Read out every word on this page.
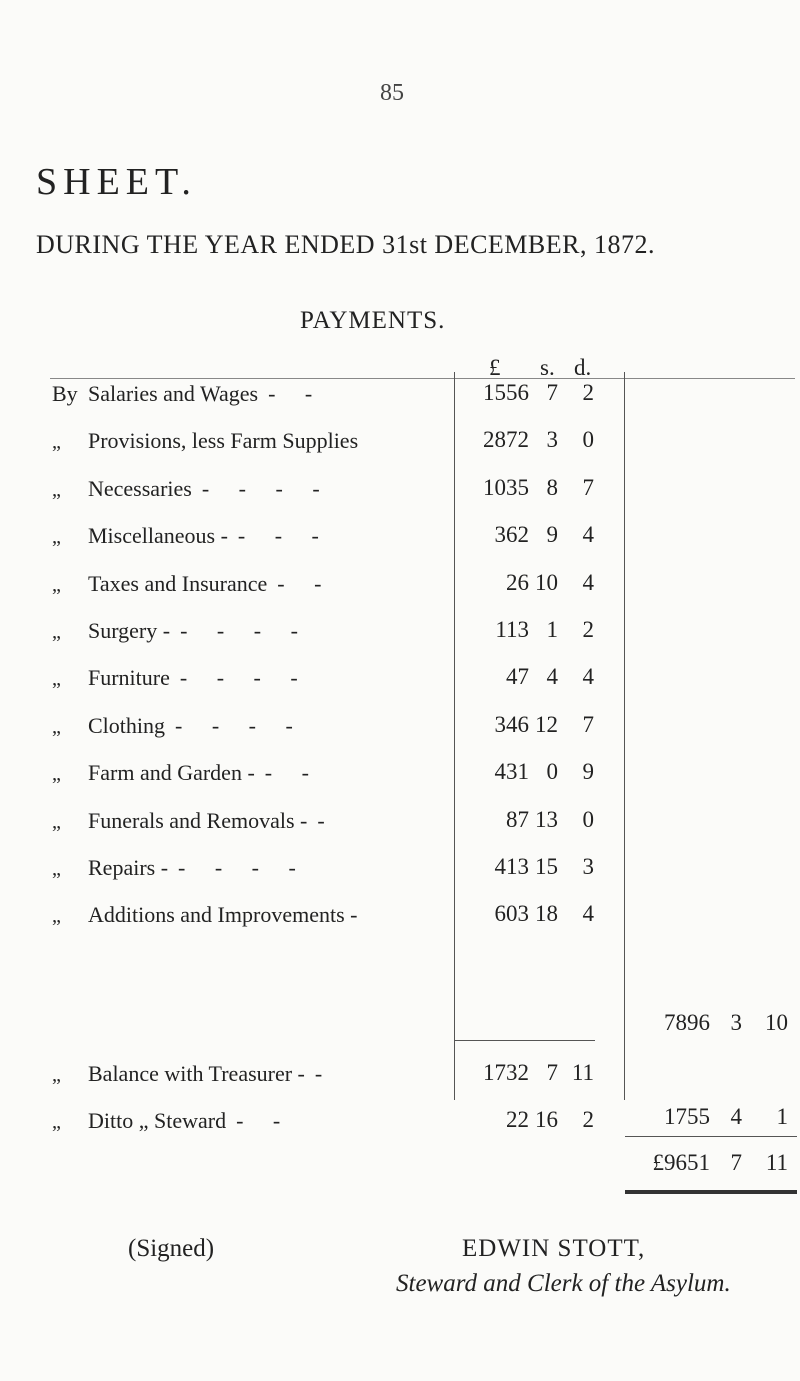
85
SHEET.
DURING THE YEAR ENDED 31st DECEMBER, 1872.
PAYMENTS.
£ s. d.
By Salaries and Wages - -	1556 7	2
„ Provisions, less Farm Supplies	2872 3	0
„ Necessaries - - - -	1035 8	7
„ Miscellaneous - - - -	362 9	4
„ Taxes and Insurance - -	26 10	4
„ Surgery - - - - -	113 1	2
„ Furniture - - - -	47 4	4
„ Clothing - - - -	346 12	7
„ Farm and Garden - - -	431 0	9
„ Funerals and Removals - -	87 13	0
„ Repairs - - - - -	413 15	3
„ Additions and Improvements -	603 18	4
„ Balance with Treasurer - -	1732 7 11
„ Ditto „ Steward - -	22 16	2
7896 3	10
1755 4	1
£9651 7	11
(Signed)	EDWIN STOTT,
Steward and Clerk of the Asylum.
